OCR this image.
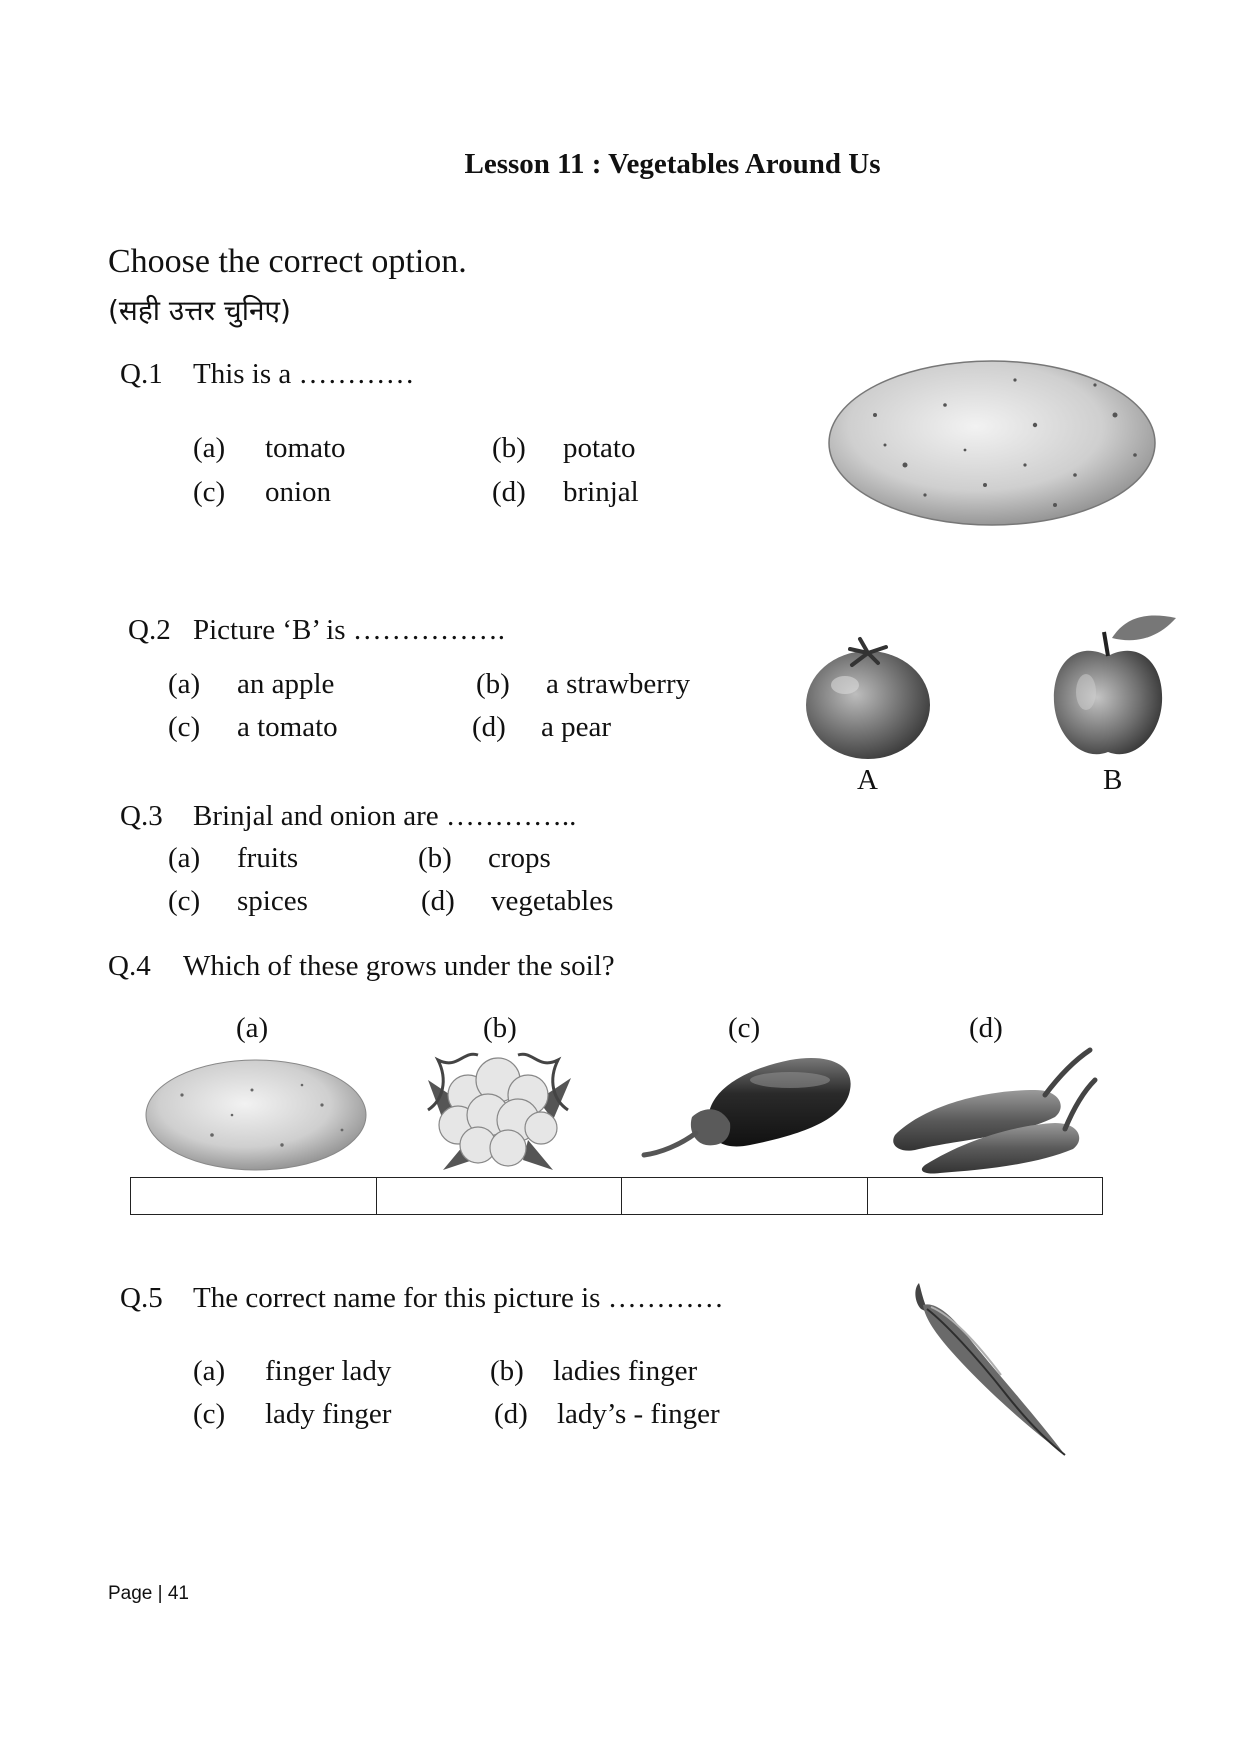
Lesson 11 : Vegetables Around Us
Choose the correct option.
(सही उत्तर चुनिए)
Q.1 This is a …………
(a) tomato	(b) potato
(c) onion	(d) brinjal
Q.2 Picture ‘B’ is …………….
(a) an apple	(b) a strawberry
(c) a tomato	(d) a pear
A	B
Q.3 Brinjal and onion are …………..
(a) fruits	(b) crops
(c) spices	(d) vegetables
Q.4 Which of these grows under the soil?
(a)	(b)	(c)	(d)

Q.5 The correct name for this picture is …………
(a) finger lady	(b) ladies finger
(c) lady finger	(d) lady’s - finger
Page | 41
